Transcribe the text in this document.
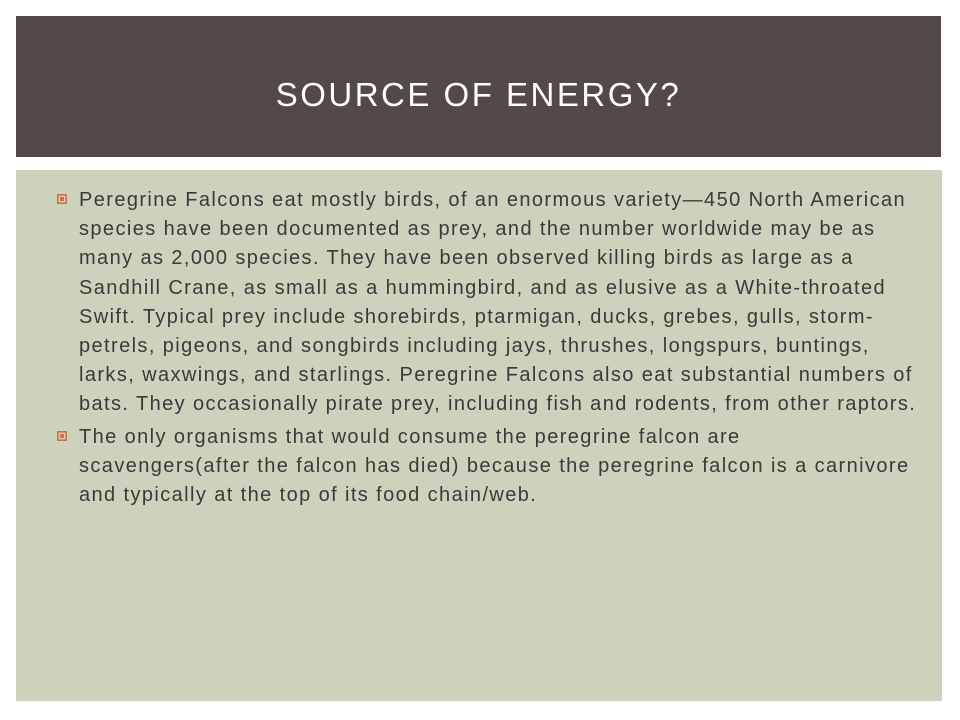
SOURCE OF ENERGY?
Peregrine Falcons eat mostly birds, of an enormous variety—450 North American species have been documented as prey, and the number worldwide may be as many as 2,000 species. They have been observed killing birds as large as a Sandhill Crane, as small as a hummingbird, and as elusive as a White-throated Swift. Typical prey include shorebirds, ptarmigan, ducks, grebes, gulls, storm-petrels, pigeons, and songbirds including jays, thrushes, longspurs, buntings, larks, waxwings, and starlings. Peregrine Falcons also eat substantial numbers of bats. They occasionally pirate prey, including fish and rodents, from other raptors.
The only organisms that would consume the peregrine falcon are scavengers(after the falcon has died) because the peregrine falcon is a carnivore and typically at the top of its food chain/web.
